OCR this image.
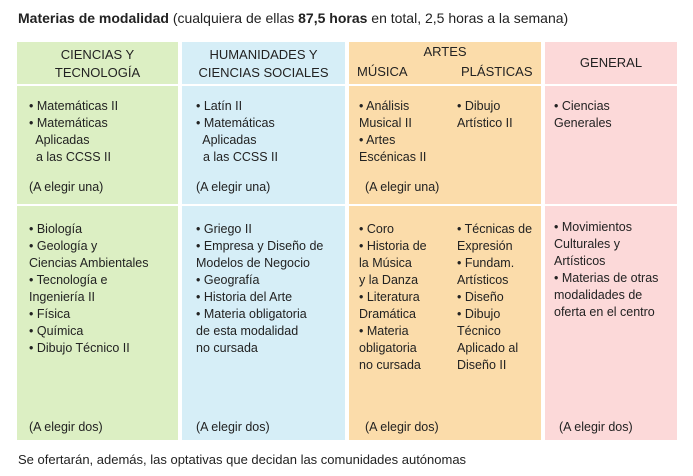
Materias de modalidad (cualquiera de ellas 87,5 horas en total, 2,5 horas a la semana)
CIENCIAS Y
TECNOLOGÍA
• Matemáticas II
• Matemáticas
Aplicadas
a las CCSS II
(A elegir una)
• Biología
• Geología y
Ciencias Ambientales
• Tecnología e
Ingeniería II
• Física
• Química
• Dibujo Técnico II
(A elegir dos)
HUMANIDADES Y
CIENCIAS SOCIALES
• Latín II
• Matemáticas
Aplicadas
a las CCSS II
(A elegir una)
• Griego II
• Empresa y Diseño de
Modelos de Negocio
• Geografía
• Historia del Arte
• Materia obligatoria
de esta modalidad
no cursada
(A elegir dos)
ARTES
MÚSICA	PLÁSTICAS
• Análisis
Musical II
• Artes
Escénicas II
• Dibujo
Artístico II
(A elegir una)
• Coro
• Historia de
la Música
y la Danza
• Literatura
Dramática
• Materia
obligatoria
no cursada
• Técnicas de
Expresión
• Fundam.
Artísticos
• Diseño
• Dibujo
Técnico
Aplicado al
Diseño II
(A elegir dos)
GENERAL
• Ciencias
Generales
• Movimientos
Culturales y
Artísticos
• Materias de otras
modalidades de
oferta en el centro
(A elegir dos)
Se ofertarán, además, las optativas que decidan las comunidades autónomas
